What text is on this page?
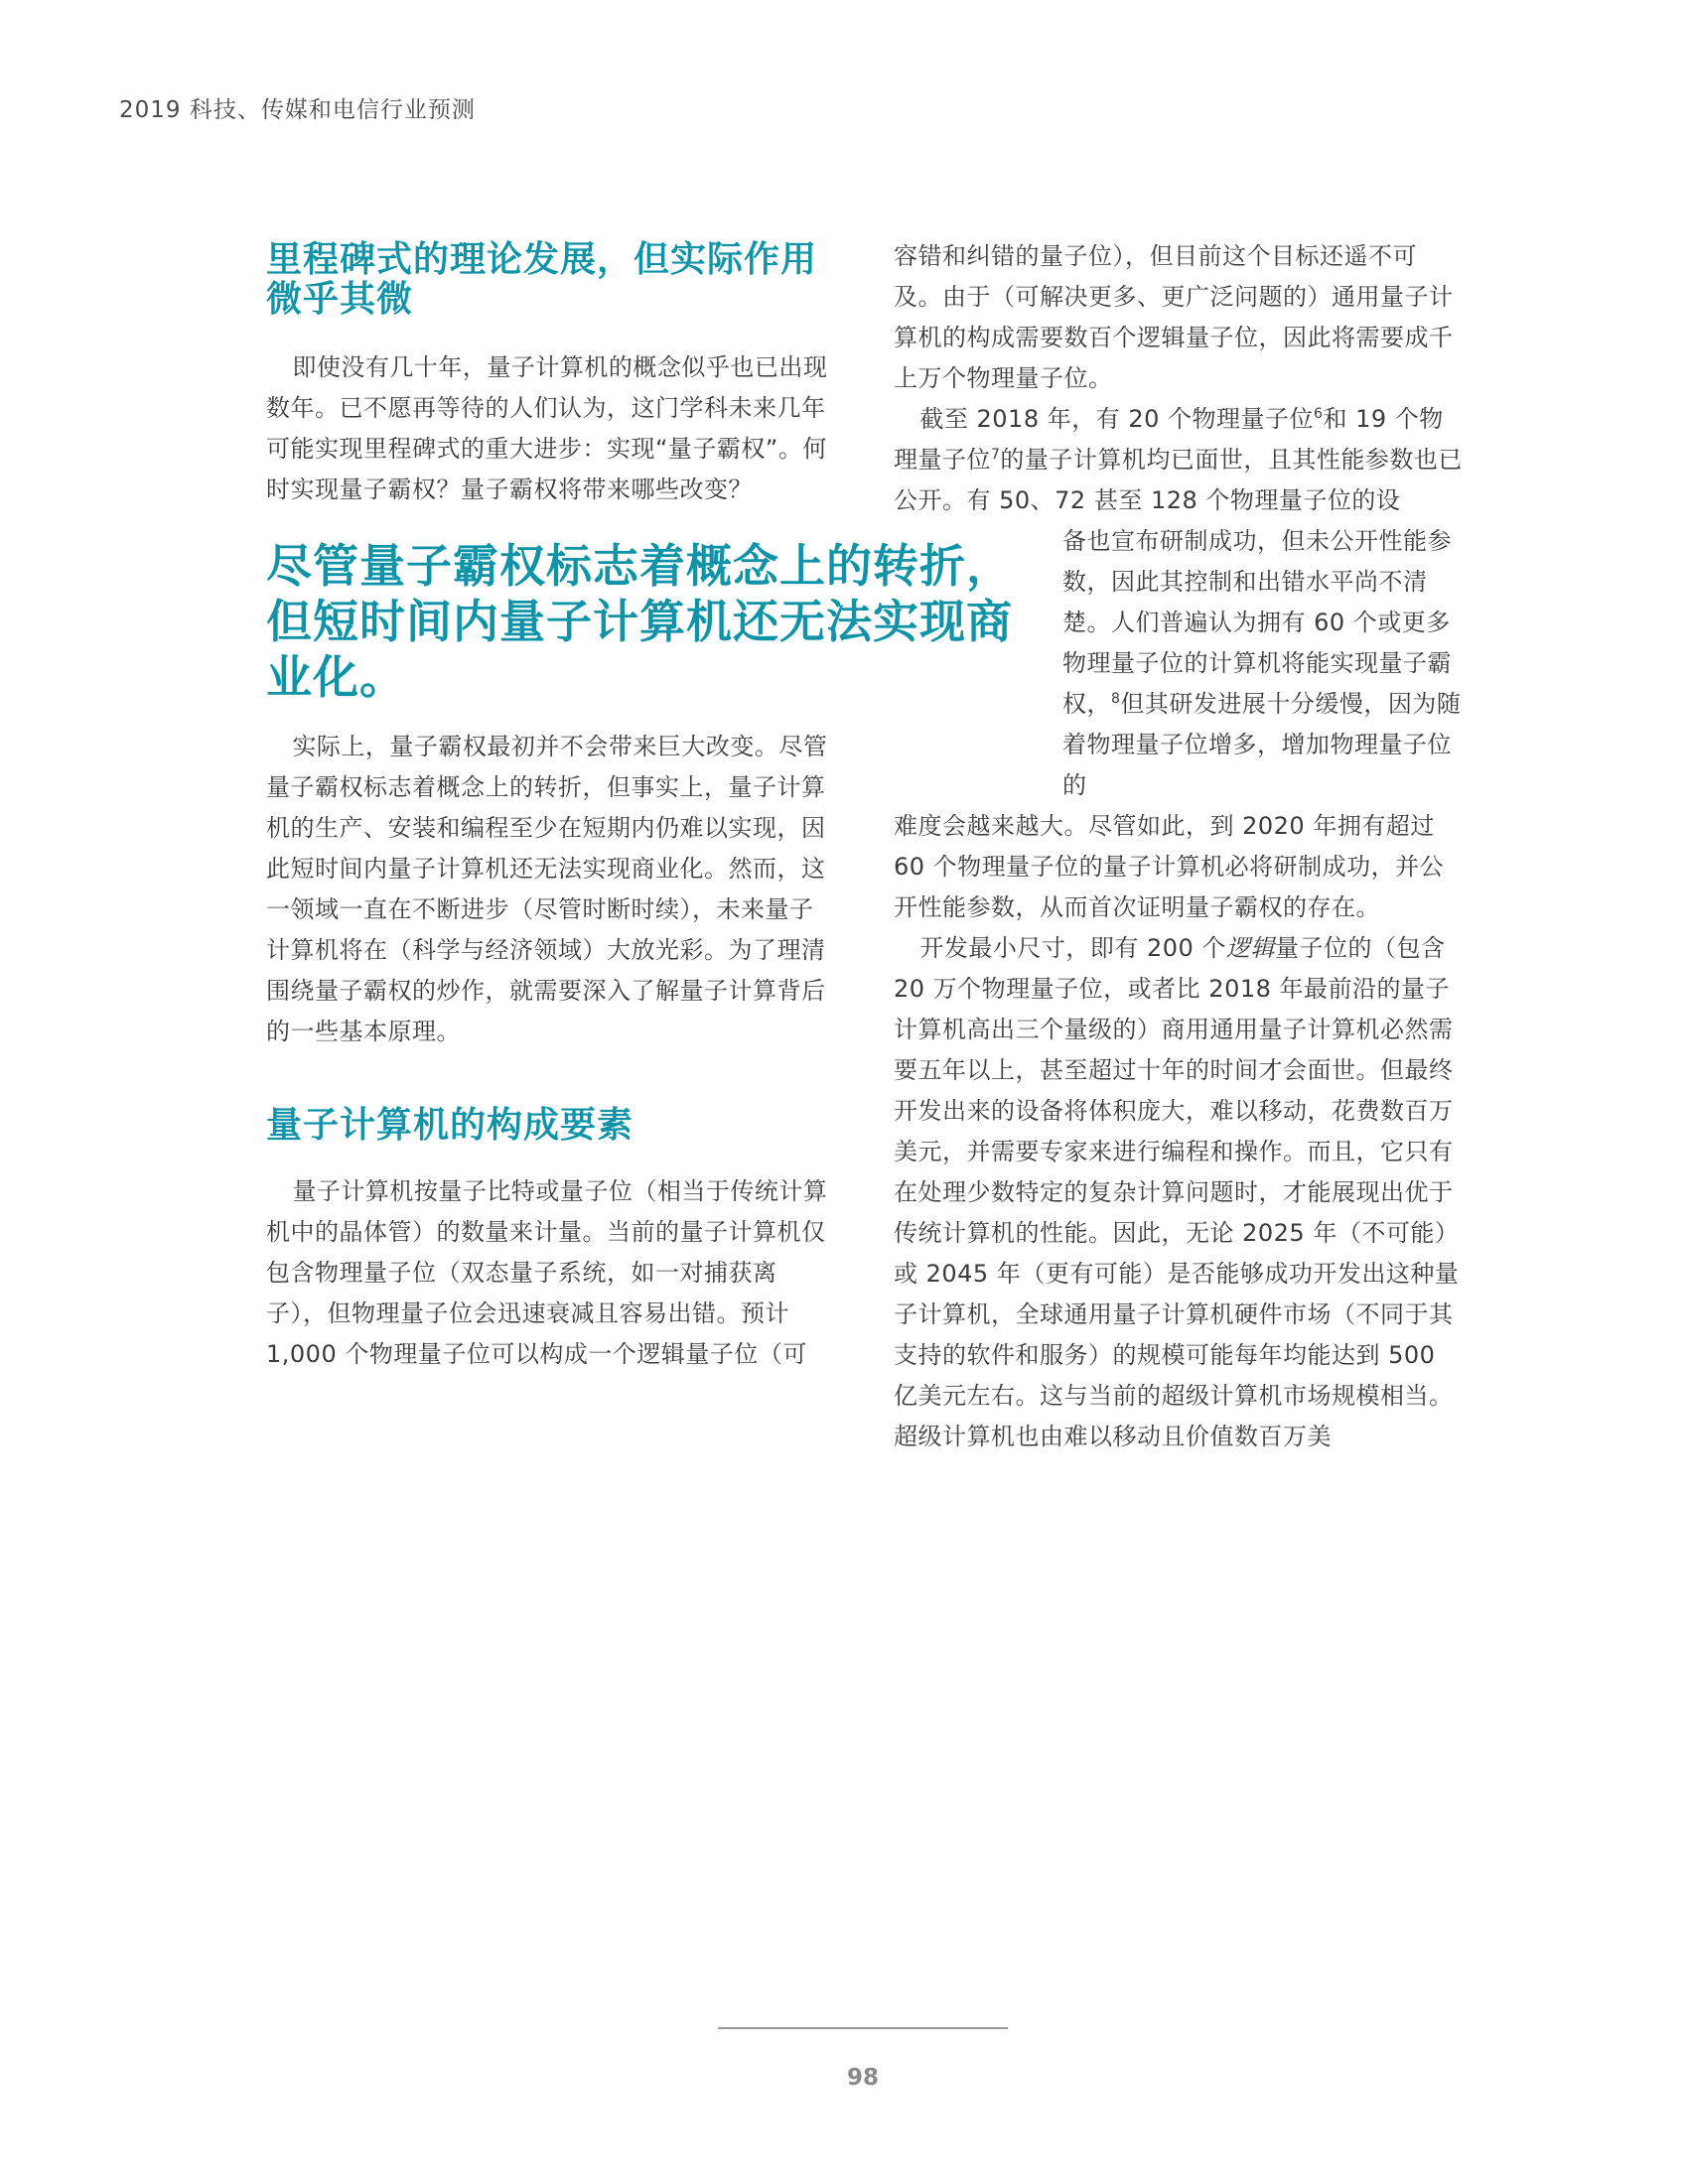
2019 科技、传媒和电信行业预测
里程碑式的理论发展，但实际作用微乎其微

即使没有几十年，量子计算机的概念似乎也已出现数年。已不愿再等待的人们认为，这门学科未来几年可能实现里程碑式的重大进步：实现“量子霸权”。何时实现量子霸权？量子霸权将带来哪些改变？

尽管量子霸权标志着概念上的转折，但短时间内量子计算机还无法实现商业化。

实际上，量子霸权最初并不会带来巨大改变。尽管量子霸权标志着概念上的转折，但事实上，量子计算机的生产、安装和编程至少在短期内仍难以实现，因此短时间内量子计算机还无法实现商业化。然而，这一领域一直在不断进步（尽管时断时续），未来量子计算机将在（科学与经济领域）大放光彩。为了理清围绕量子霸权的炒作，就需要深入了解量子计算背后的一些基本原理。

量子计算机的构成要素

量子计算机按量子比特或量子位（相当于传统计算机中的晶体管）的数量来计量。当前的量子计算机仅包含物理量子位（双态量子系统，如一对捕获离子），但物理量子位会迅速衰减且容易出错。预计 1,000 个物理量子位可以构成一个逻辑量子位（可

容错和纠错的量子位），但目前这个目标还遥不可及。由于（可解决更多、更广泛问题的）通用量子计算机的构成需要数百个逻辑量子位，因此将需要成千上万个物理量子位。

截至 2018 年，有 20 个物理量子位$^6$和 19 个物理量子位$^7$的量子计算机均已面世，且其性能参数也已公开。有 50、72 甚至 128 个物理量子位的设

备也宣布研制成功，但未公开性能参数，因此其控制和出错水平尚不清楚。人们普遍认为拥有 60 个或更多物理量子位的计算机将能实现量子霸权，$^8$但其研发进展十分缓慢，因为随着物理量子位增多，增加物理量子位的

难度会越来越大。尽管如此，到 2020 年拥有超过 60 个物理量子位的量子计算机必将研制成功，并公开性能参数，从而首次证明量子霸权的存在。

开发最小尺寸，即有 200 个逻辑量子位的（包含 20 万个物理量子位，或者比 2018 年最前沿的量子计算机高出三个量级的）商用通用量子计算机必然需要五年以上，甚至超过十年的时间才会面世。但最终开发出来的设备将体积庞大，难以移动，花费数百万美元，并需要专家来进行编程和操作。而且，它只有在处理少数特定的复杂计算问题时，才能展现出优于传统计算机的性能。因此，无论 2025 年（不可能）或 2045 年（更有可能）是否能够成功开发出这种量子计算机，全球通用量子计算机硬件市场（不同于其支持的软件和服务）的规模可能每年均能达到 500 亿美元左右。这与当前的超级计算机市场规模相当。超级计算机也由难以移动且价值数百万美

98
